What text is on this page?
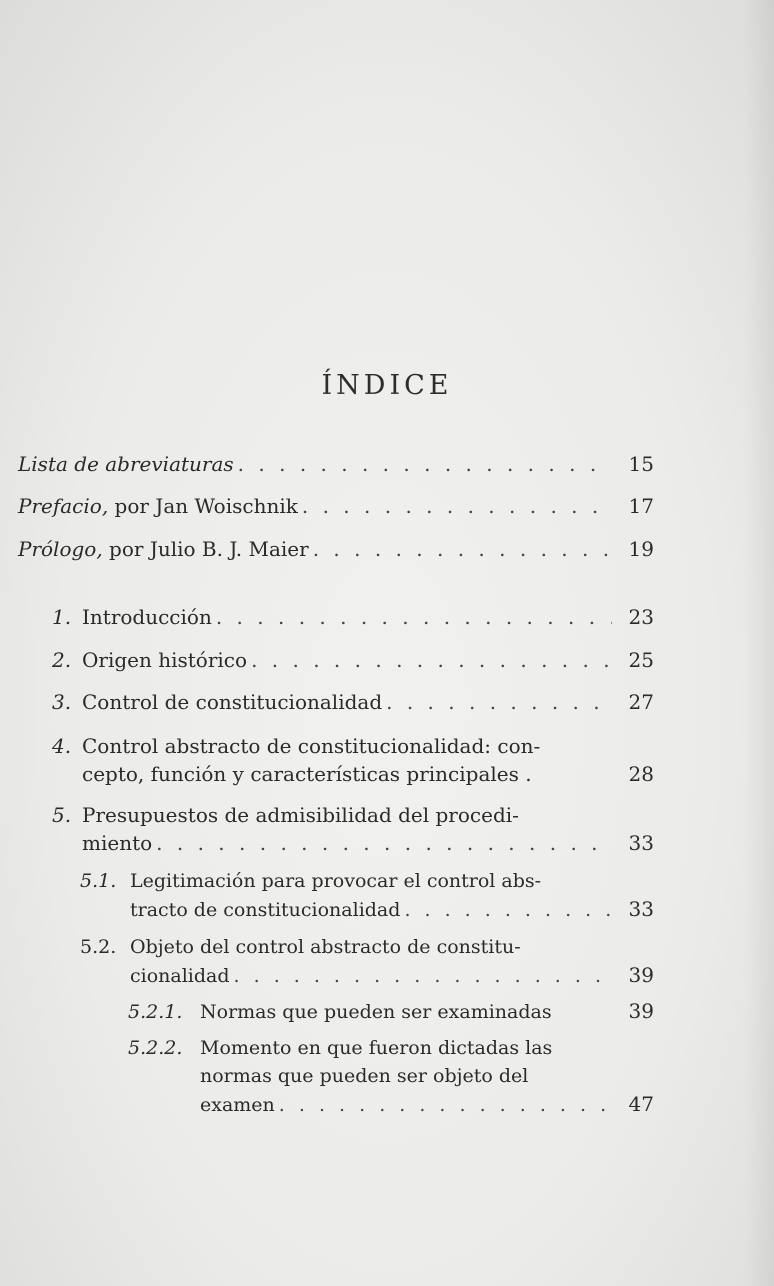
ÍNDICE
Lista de abreviaturas . . .	15
Prefacio, por Jan Woischnik . . .	17
Prólogo, por Julio B. J. Maier . . .	19
1. Introducción . . .	23
2. Origen histórico . . .	25
3. Control de constitucionalidad . . .	27
4. Control abstracto de constitucionalidad: con-
cepto, función y características principales .	28
5. Presupuestos de admisibilidad del procedi-
miento . . .	33
5.1. Legitimación para provocar el control abs-
tracto de constitucionalidad . . .	33
5.2. Objeto del control abstracto de constitu-
cionalidad . . .	39
5.2.1. Normas que pueden ser examinadas	39
5.2.2. Momento en que fueron dictadas las
normas que pueden ser objeto del
examen . . .	47
